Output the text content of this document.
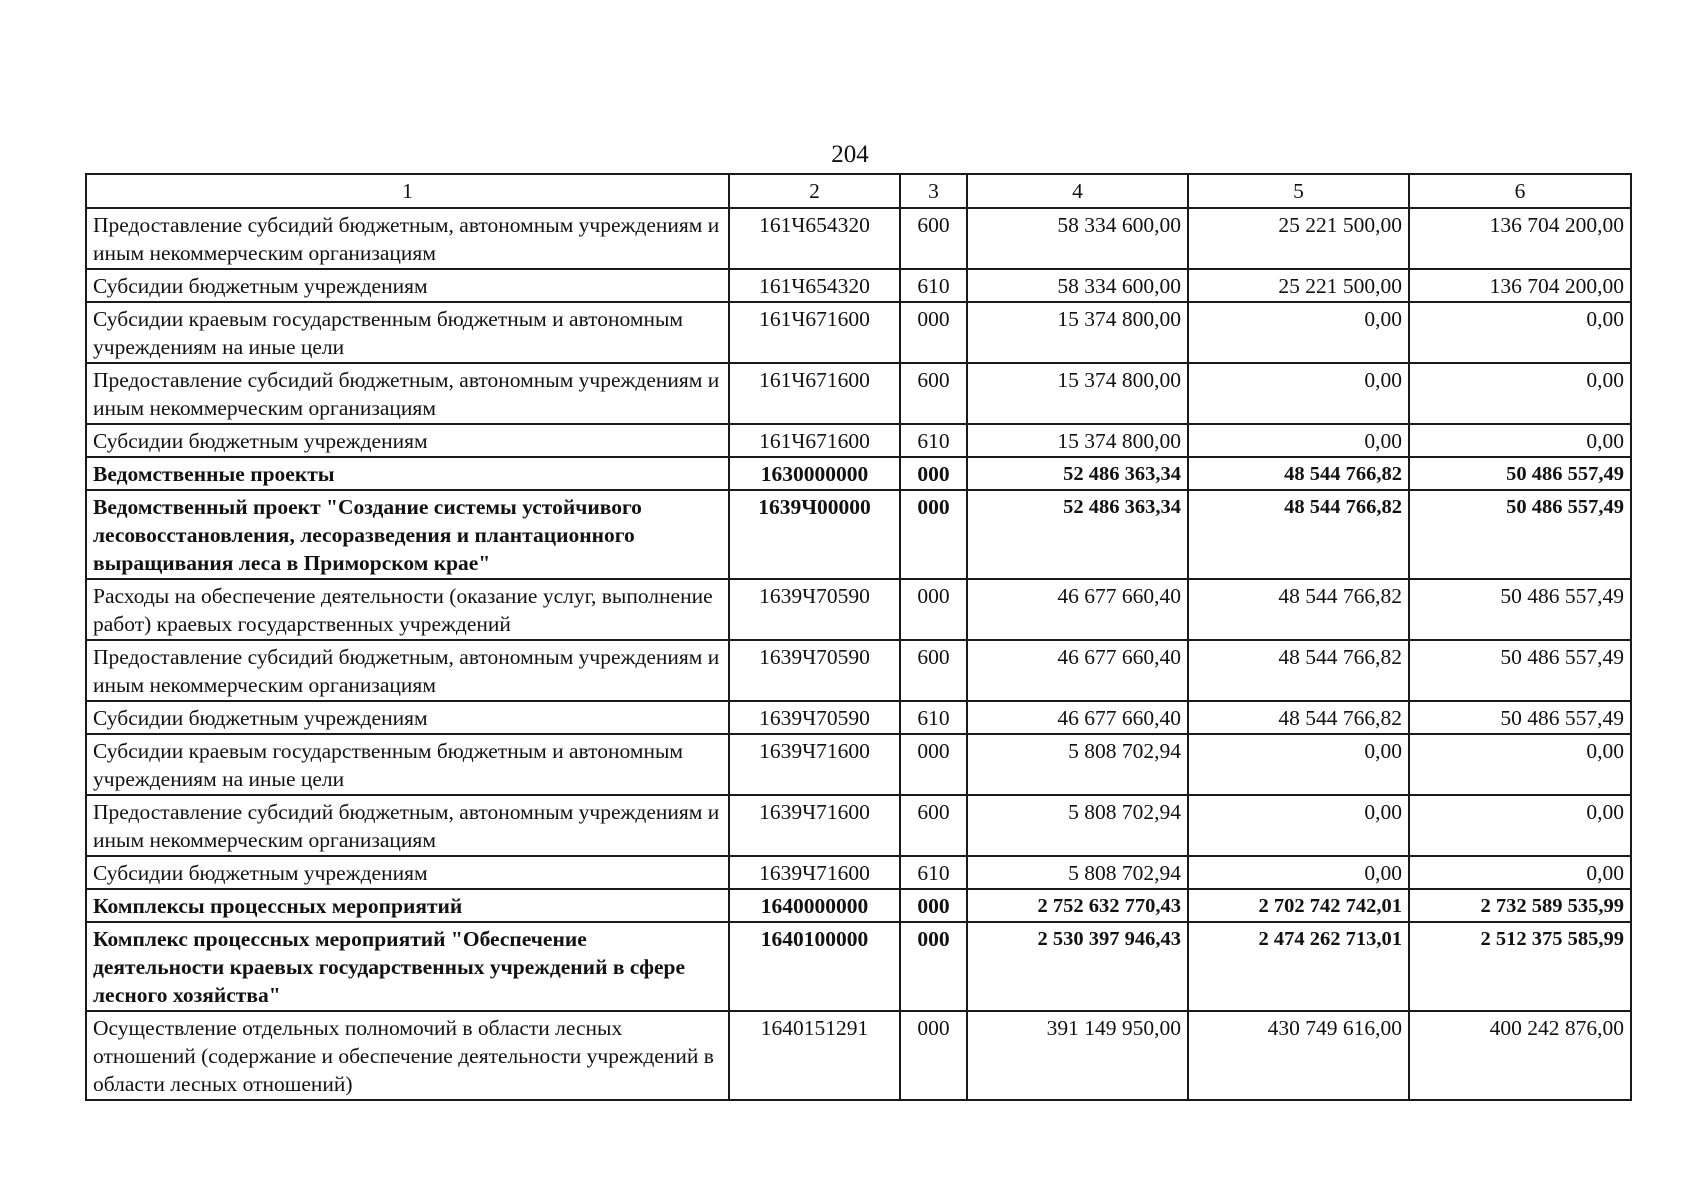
204
1	2	3	4	5	6
Предоставление субсидий бюджетным, автономным учреждениям и иным некоммерческим организациям	161Ч654320	600	58 334 600,00	25 221 500,00	136 704 200,00
Субсидии бюджетным учреждениям	161Ч654320	610	58 334 600,00	25 221 500,00	136 704 200,00
Субсидии краевым государственным бюджетным и автономным учреждениям на иные цели	161Ч671600	000	15 374 800,00	0,00	0,00
Предоставление субсидий бюджетным, автономным учреждениям и иным некоммерческим организациям	161Ч671600	600	15 374 800,00	0,00	0,00
Субсидии бюджетным учреждениям	161Ч671600	610	15 374 800,00	0,00	0,00
Ведомственные проекты	1630000000	000	52 486 363,34	48 544 766,82	50 486 557,49
Ведомственный проект "Создание системы устойчивого лесовосстановления, лесоразведения и плантационного выращивания леса в Приморском крае"	1639Ч00000	000	52 486 363,34	48 544 766,82	50 486 557,49
Расходы на обеспечение деятельности (оказание услуг, выполнение работ) краевых государственных учреждений	1639Ч70590	000	46 677 660,40	48 544 766,82	50 486 557,49
Предоставление субсидий бюджетным, автономным учреждениям и иным некоммерческим организациям	1639Ч70590	600	46 677 660,40	48 544 766,82	50 486 557,49
Субсидии бюджетным учреждениям	1639Ч70590	610	46 677 660,40	48 544 766,82	50 486 557,49
Субсидии краевым государственным бюджетным и автономным учреждениям на иные цели	1639Ч71600	000	5 808 702,94	0,00	0,00
Предоставление субсидий бюджетным, автономным учреждениям и иным некоммерческим организациям	1639Ч71600	600	5 808 702,94	0,00	0,00
Субсидии бюджетным учреждениям	1639Ч71600	610	5 808 702,94	0,00	0,00
Комплексы процессных мероприятий	1640000000	000	2 752 632 770,43	2 702 742 742,01	2 732 589 535,99
Комплекс процессных мероприятий "Обеспечение деятельности краевых государственных учреждений в сфере лесного хозяйства"	1640100000	000	2 530 397 946,43	2 474 262 713,01	2 512 375 585,99
Осуществление отдельных полномочий в области лесных отношений (содержание и обеспечение деятельности учреждений в области лесных отношений)	1640151291	000	391 149 950,00	430 749 616,00	400 242 876,00
